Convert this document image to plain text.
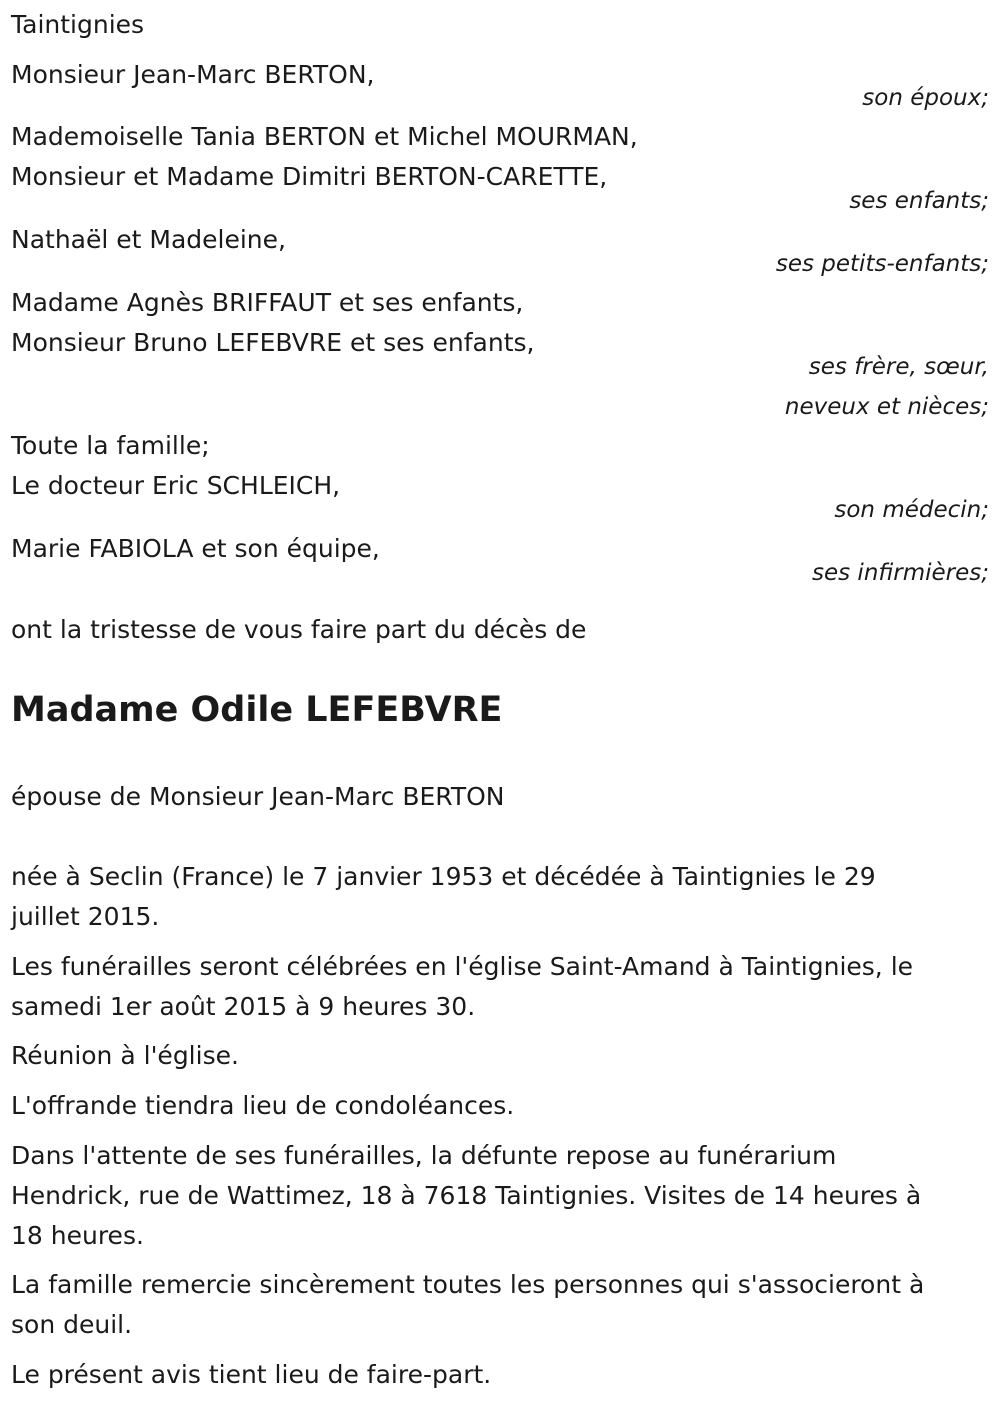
Taintignies

Monsieur Jean-Marc BERTON,

son époux;

Mademoiselle Tania BERTON et Michel MOURMAN,

Monsieur et Madame Dimitri BERTON-CARETTE,

ses enfants;

Nathaël et Madeleine,

ses petits-enfants;

Madame Agnès BRIFFAUT et ses enfants,

Monsieur Bruno LEFEBVRE et ses enfants,

ses frère, sœur,

neveux et nièces;

Toute la famille;

Le docteur Eric SCHLEICH,

son médecin;

Marie FABIOLA et son équipe,

ses infirmières;

ont la tristesse de vous faire part du décès de

Madame Odile LEFEBVRE

épouse de Monsieur Jean-Marc BERTON

née à Seclin (France) le 7 janvier 1953 et décédée à Taintignies le 29

juillet 2015.

Les funérailles seront célébrées en l'église Saint-Amand à Taintignies, le

samedi 1er août 2015 à 9 heures 30.

Réunion à l'église.

L'offrande tiendra lieu de condoléances.

Dans l'attente de ses funérailles, la défunte repose au funérarium

Hendrick, rue de Wattimez, 18 à 7618 Taintignies. Visites de 14 heures à

18 heures.

La famille remercie sincèrement toutes les personnes qui s'associeront à

son deuil.

Le présent avis tient lieu de faire-part.
